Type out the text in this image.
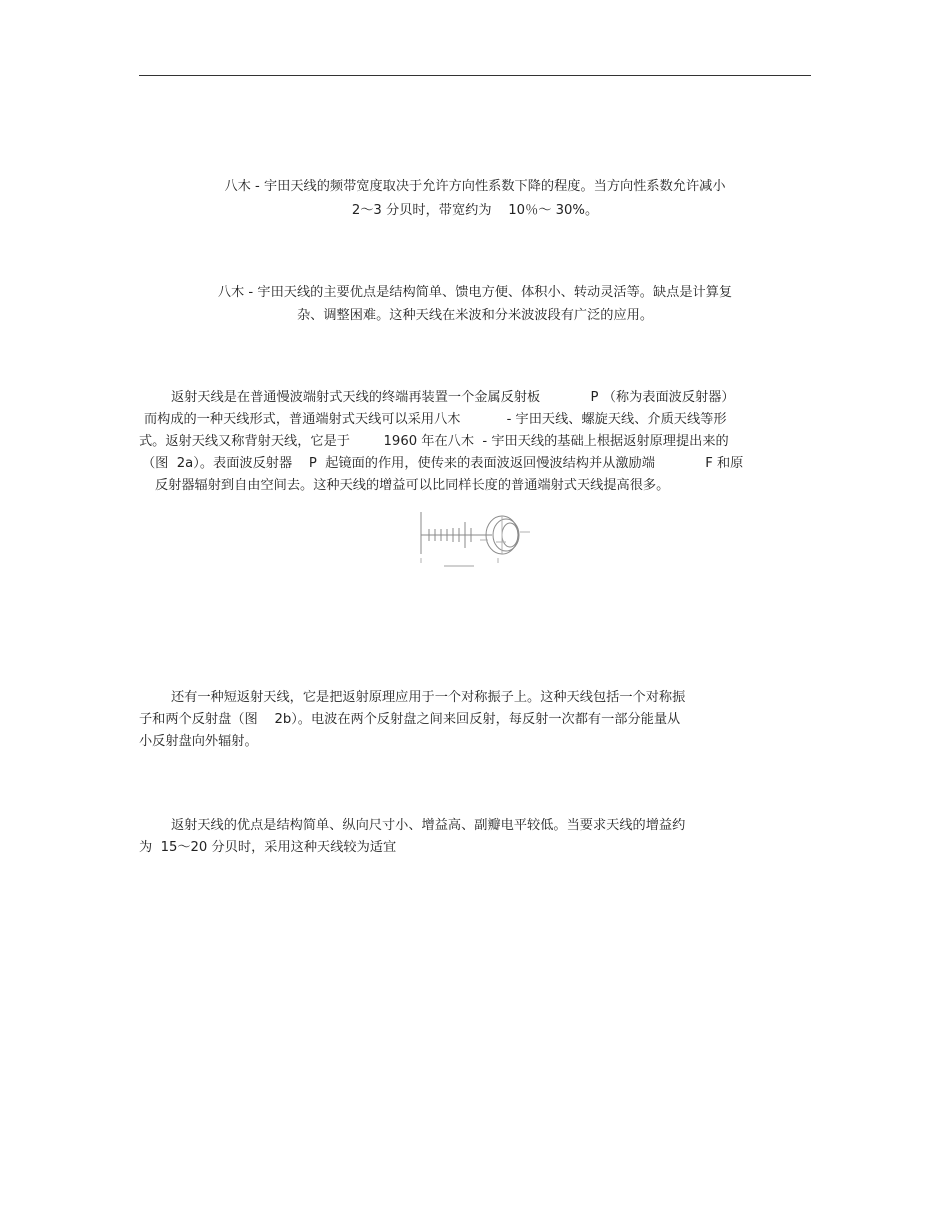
八木 - 宇田天线的频带宽度取决于允许方向性系数下降的程度。当方向性系数允许减小
2～3 分贝时，带宽约为    10％～ 30%。
八木 - 宇田天线的主要优点是结构简单、馈电方便、体积小、转动灵活等。缺点是计算复
杂、调整困难。这种天线在米波和分米波波段有广泛的应用。
返射天线是在普通慢波端射式天线的终端再装置一个金属反射板            P （称为表面波反射器）
而构成的一种天线形式，普通端射式天线可以采用八木           - 宇田天线、螺旋天线、介质天线等形
式。返射天线又称背射天线，它是于        1960 年在八木  - 宇田天线的基础上根据返射原理提出来的
（图  2a）。表面波反射器    P  起镜面的作用，使传来的表面波返回慢波结构并从激励端            F 和原
反射器辐射到自由空间去。这种天线的增益可以比同样长度的普通端射式天线提高很多。
还有一种短返射天线，它是把返射原理应用于一个对称振子上。这种天线包括一个对称振
子和两个反射盘（图    2b）。电波在两个反射盘之间来回反射，每反射一次都有一部分能量从
小反射盘向外辐射。
返射天线的优点是结构简单、纵向尺寸小、增益高、副瓣电平较低。当要求天线的增益约
为  15～20 分贝时，采用这种天线较为适宜
